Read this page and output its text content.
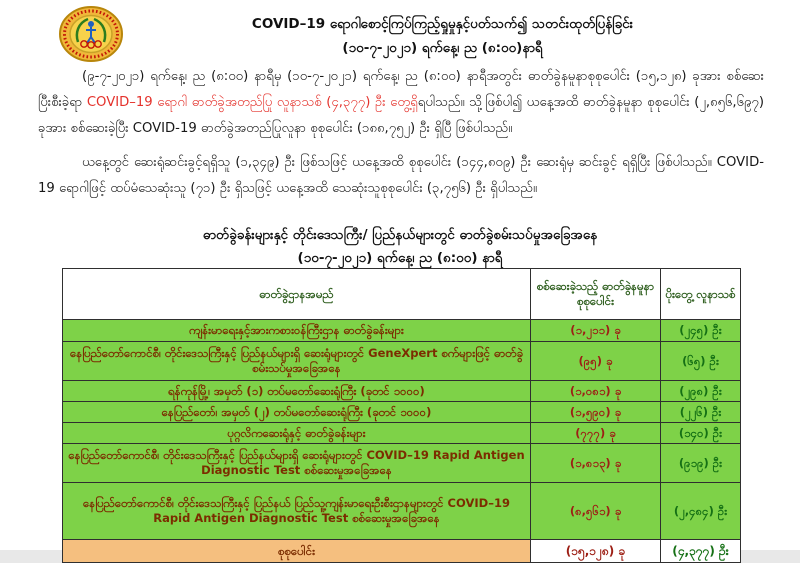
COVID–19 ရောဂါစောင့်ကြပ်ကြည့်ရှုမှုနှင့်ပတ်သက်၍ သတင်းထုတ်ပြန်ခြင်း
(၁၀-၇-၂၀၂၁) ရက်နေ့၊ ည (၈:၀၀)နာရီ

(၉-၇-၂၀၂၁) ရက်နေ့၊ ည (၈:၀၀) နာရီမှ (၁၀-၇-၂၀၂၁) ရက်နေ့၊ ည (၈:၀၀) နာရီအတွင်း ဓာတ်ခွဲနမူနာစုစုပေါင်း (၁၅,၁၂၈) ခုအား စစ်ဆေးပြီးစီးခဲ့ရာ COVID–19 ရောဂါ ဓာတ်ခွဲအတည်ပြု လူနာသစ် (၄,၃၇၇) ဦး တွေ့ရှိရပါသည်။ သို့ဖြစ်ပါ၍ ယနေ့အထိ ဓာတ်ခွဲနမူနာ စုစုပေါင်း (၂,၈၅၆,၆၉၇) ခုအား စစ်ဆေးခဲ့ပြီး COVID-19 ဓာတ်ခွဲအတည်ပြုလူနာ စုစုပေါင်း (၁၈၈,၇၅၂) ဦး ရှိပြီ ဖြစ်ပါသည်။

ယနေ့တွင် ဆေးရုံဆင်းခွင့်ရရှိသူ (၁,၃၄၉) ဦး ဖြစ်သဖြင့် ယနေ့အထိ စုစုပေါင်း (၁၄၄,၈၀၉) ဦး ဆေးရုံမှ ဆင်းခွင့် ရရှိပြီး ဖြစ်ပါသည်။ COVID-19 ရောဂါဖြင့် ထပ်မံသေဆုံးသူ (၇၁) ဦး ရှိသဖြင့် ယနေ့အထိ သေဆုံးသူစုစုပေါင်း (၃,၇၅၆) ဦး ရှိပါသည်။

ဓာတ်ခွဲခန်းများနှင့် တိုင်းဒေသကြီး/ ပြည်နယ်များတွင် ဓာတ်ခွဲစမ်းသပ်မှုအခြေအနေ
(၁၀-၇-၂၀၂၁) ရက်နေ့၊ ည (၈:၀၀) နာရီ
ဓာတ်ခွဲဌာနအမည်	စစ်ဆေးခဲ့သည့် ဓာတ်ခွဲနမူနာ စုစုပေါင်း	ပိုးတွေ့ လူနာသစ်
ကျန်းမာရေးနှင့်အားကစားဝန်ကြီးဌာန ဓာတ်ခွဲခန်းများ	(၁,၂၁၁) ခု	(၂၄၅) ဦး
နေပြည်တော်ကောင်စီ၊ တိုင်းဒေသကြီးနှင့် ပြည်နယ်များရှိ ဆေးရုံများတွင် GeneXpert စက်များဖြင့် ဓာတ်ခွဲစမ်းသပ်မှုအခြေအနေ	(၉၅) ခု	(၆၅) ဦး
ရန်ကုန်မြို့၊ အမှတ် (၁) တပ်မတော်ဆေးရုံကြီး (ခုတင် ၁၀၀၀)	(၁,၀၈၁) ခု	(၂၉၈) ဦး
နေပြည်တော်၊ အမှတ် (၂) တပ်မတော်ဆေးရုံကြီး (ခုတင် ၁၀၀၀)	(၁,၅၉၀) ခု	(၂၂၆) ဦး
ပုဂ္ဂလိကဆေးရုံနှင့် ဓာတ်ခွဲခန်းများ	(၇၇၇) ခု	(၁၄၀) ဦး
နေပြည်တော်ကောင်စီ၊ တိုင်းဒေသကြီးနှင့် ပြည်နယ်များရှိ ဆေးရုံများတွင် COVID–19 Rapid Antigen Diagnostic Test စစ်ဆေးမှုအခြေအနေ	(၁,၈၁၃) ခု	(၉၁၉) ဦး
နေပြည်တော်ကောင်စီ၊ တိုင်းဒေသကြီးနှင့် ပြည်နယ် ပြည်သူ့ကျန်းမာရေးဦးစီးဌာနများတွင် COVID–19 Rapid Antigen Diagnostic Test စစ်ဆေးမှုအခြေအနေ	(၈,၅၆၁) ခု	(၂,၄၈၄) ဦး
စုစုပေါင်း	(၁၅,၁၂၈) ခု	(၄,၃၇၇) ဦး
